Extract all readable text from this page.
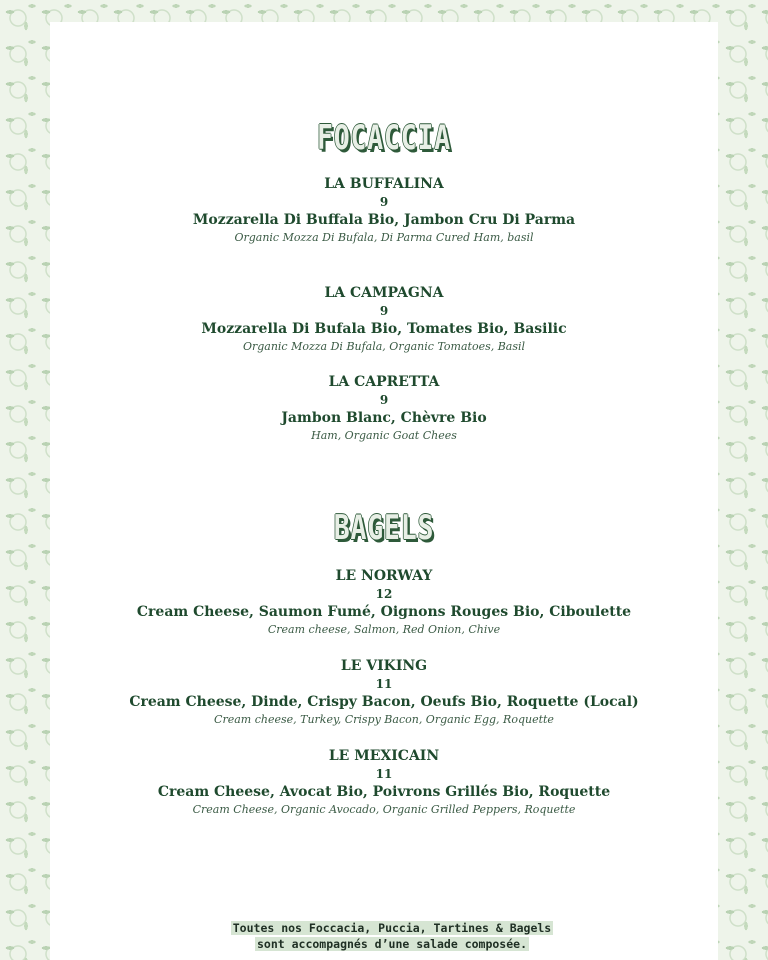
FOCACCIA
LA BUFFALINA
9
Mozzarella Di Buffala Bio, Jambon Cru Di Parma
Organic Mozza Di Bufala, Di Parma Cured Ham, basil
LA CAMPAGNA
9
Mozzarella Di Bufala Bio, Tomates Bio, Basilic
Organic Mozza Di Bufala, Organic Tomatoes, Basil
LA CAPRETTA
9
Jambon Blanc, Chèvre Bio
Ham, Organic Goat Chees
BAGELS
LE NORWAY
12
Cream Cheese, Saumon Fumé, Oignons Rouges Bio, Ciboulette
Cream cheese, Salmon, Red Onion, Chive
LE VIKING
11
Cream Cheese, Dinde, Crispy Bacon, Oeufs Bio, Roquette (Local)
Cream cheese, Turkey, Crispy Bacon, Organic Egg, Roquette
LE MEXICAIN
11
Cream Cheese, Avocat Bio, Poivrons Grillés Bio, Roquette
Cream Cheese, Organic Avocado, Organic Grilled Peppers, Roquette
Toutes nos Foccacia, Puccia, Tartines & Bagels
sont accompagnés d’une salade composée.
